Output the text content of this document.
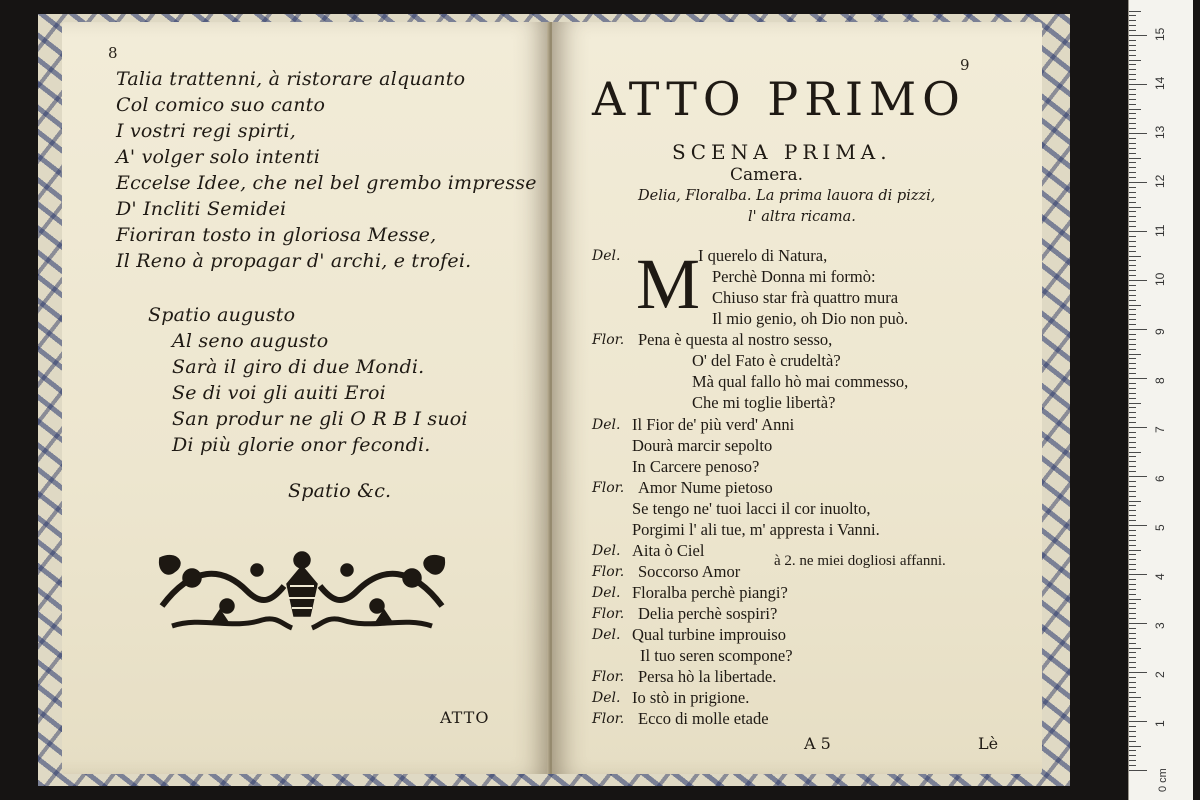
8
Talia trattenni, à ristorare alquanto
Col comico suo canto
I vostri regi spirti,
A' volger solo intenti
Eccelse Idee, che nel bel grembo impresse
D' Incliti Semidei
Fioriran tosto in gloriosa Messe,
Il Reno à propagar d' archi, e trofei.
Spatio augusto
Al seno augusto
Sarà il giro di due Mondi.
Se di voi gli auiti Eroi
San produr ne gli O R B I suoi
Di più glorie onor fecondi.
Spatio &c.
ATTO
9
ATTO PRIMO
SCENA PRIMA.
Camera.
Delia, Floralba. La prima lauora di pizzi,
l' altra ricama.
M
Del.
Flor.
Del.
Flor.
Del.
Flor.
Del.
Flor.
Del.
Flor.
Del.
Flor.
I querelo di Natura,
Perchè Donna mi formò:
Chiuso star frà quattro mura
Il mio genio, oh Dio non può.
Pena è questa al nostro sesso,
O' del Fato è crudeltà?
Mà qual fallo hò mai commesso,
Che mi toglie libertà?
Il Fior de' più verd' Anni
Dourà marcir sepolto
In Carcere penoso?
Amor Nume pietoso
Se tengo ne' tuoi lacci il cor inuolto,
Porgimi l' ali tue, m' appresta i Vanni.
Aita ò Ciel
Soccorso Amor
à 2. ne miei dogliosi affanni.
Floralba perchè piangi?
Delia perchè sospiri?
Qual turbine improuiso
Il tuo seren scompone?
Persa hò la libertade.
Io stò in prigione.
Ecco di molle etade
A 5	Lè
1
2
3
4
5
6
7
8
9
10
11
12
13
14
15
0 cm
